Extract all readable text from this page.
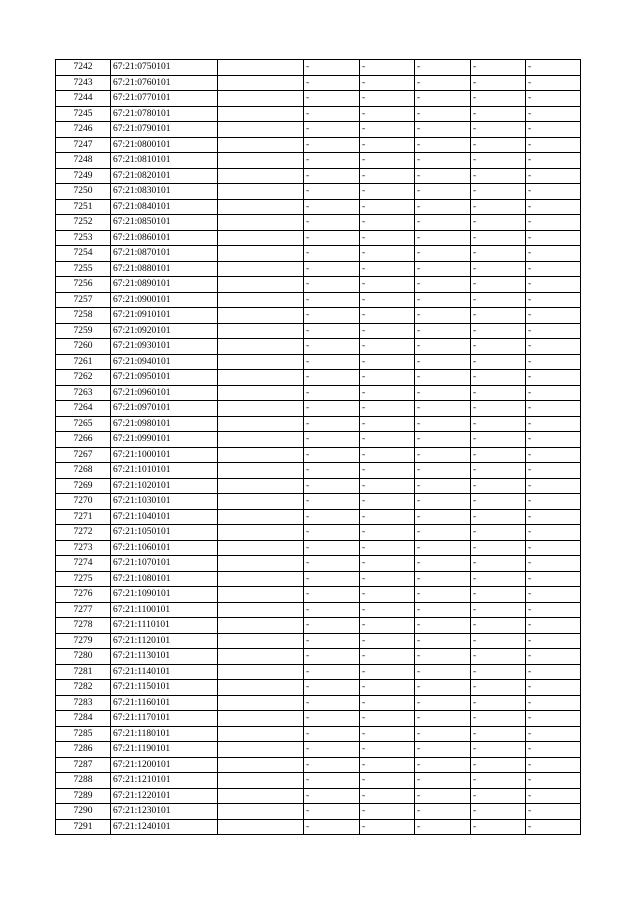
7242	67:21:0750101		-	-	-	-	-
7243	67:21:0760101		-	-	-	-	-
7244	67:21:0770101		-	-	-	-	-
7245	67:21:0780101		-	-	-	-	-
7246	67:21:0790101		-	-	-	-	-
7247	67:21:0800101		-	-	-	-	-
7248	67:21:0810101		-	-	-	-	-
7249	67:21:0820101		-	-	-	-	-
7250	67:21:0830101		-	-	-	-	-
7251	67:21:0840101		-	-	-	-	-
7252	67:21:0850101		-	-	-	-	-
7253	67:21:0860101		-	-	-	-	-
7254	67:21:0870101		-	-	-	-	-
7255	67:21:0880101		-	-	-	-	-
7256	67:21:0890101		-	-	-	-	-
7257	67:21:0900101		-	-	-	-	-
7258	67:21:0910101		-	-	-	-	-
7259	67:21:0920101		-	-	-	-	-
7260	67:21:0930101		-	-	-	-	-
7261	67:21:0940101		-	-	-	-	-
7262	67:21:0950101		-	-	-	-	-
7263	67:21:0960101		-	-	-	-	-
7264	67:21:0970101		-	-	-	-	-
7265	67:21:0980101		-	-	-	-	-
7266	67:21:0990101		-	-	-	-	-
7267	67:21:1000101		-	-	-	-	-
7268	67:21:1010101		-	-	-	-	-
7269	67:21:1020101		-	-	-	-	-
7270	67:21:1030101		-	-	-	-	-
7271	67:21:1040101		-	-	-	-	-
7272	67:21:1050101		-	-	-	-	-
7273	67:21:1060101		-	-	-	-	-
7274	67:21:1070101		-	-	-	-	-
7275	67:21:1080101		-	-	-	-	-
7276	67:21:1090101		-	-	-	-	-
7277	67:21:1100101		-	-	-	-	-
7278	67:21:1110101		-	-	-	-	-
7279	67:21:1120101		-	-	-	-	-
7280	67:21:1130101		-	-	-	-	-
7281	67:21:1140101		-	-	-	-	-
7282	67:21:1150101		-	-	-	-	-
7283	67:21:1160101		-	-	-	-	-
7284	67:21:1170101		-	-	-	-	-
7285	67:21:1180101		-	-	-	-	-
7286	67:21:1190101		-	-	-	-	-
7287	67:21:1200101		-	-	-	-	-
7288	67:21:1210101		-	-	-	-	-
7289	67:21:1220101		-	-	-	-	-
7290	67:21:1230101		-	-	-	-	-
7291	67:21:1240101		-	-	-	-	-
